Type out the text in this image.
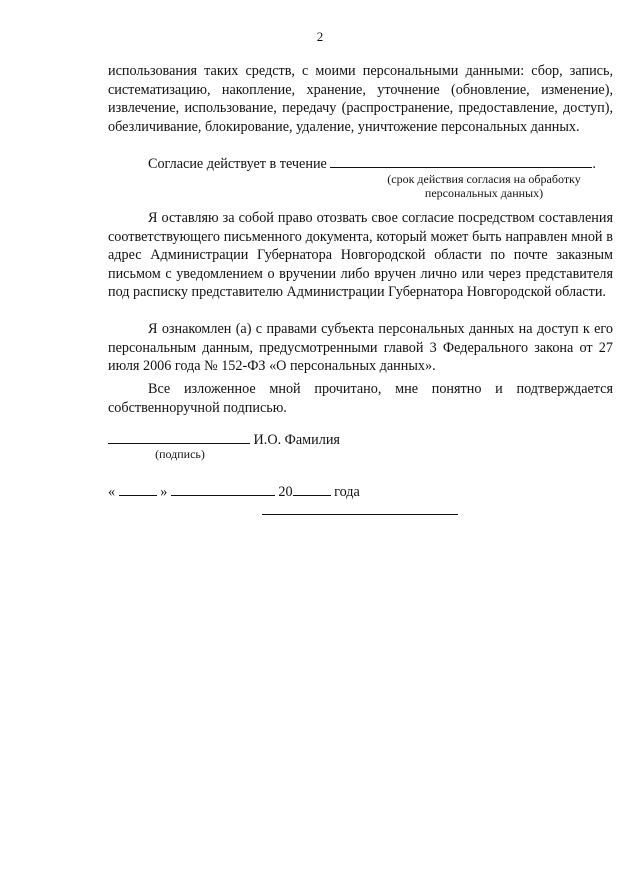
2

использования таких средств, с моими персональными данными: сбор, запись, систематизацию, накопление, хранение, уточнение (обновление, изменение), извлечение, использование, передачу (распространение, предоставление, доступ), обезличивание, блокирование, удаление, уничтожение персональных данных.

Согласие действует в течение	.
(срок действия согласия на обработку
персональных данных)

Я оставляю за собой право отозвать свое согласие посредством составления соответствующего письменного документа, который может быть направлен мной в адрес Администрации Губернатора Новгородской области по почте заказным письмом с уведомлением о вручении либо вручен лично или через представителя под расписку представителю Администрации Губернатора Новгородской области.

Я ознакомлен (а) с правами субъекта персональных данных на доступ к его персональным данным, предусмотренными главой 3 Федерального закона от 27 июля 2006 года № 152-ФЗ «О персональных данных».

Все изложенное мной прочитано, мне понятно и подтверждается собственноручной подписью.

И.О. Фамилия
(подпись)
«	»	20	года
